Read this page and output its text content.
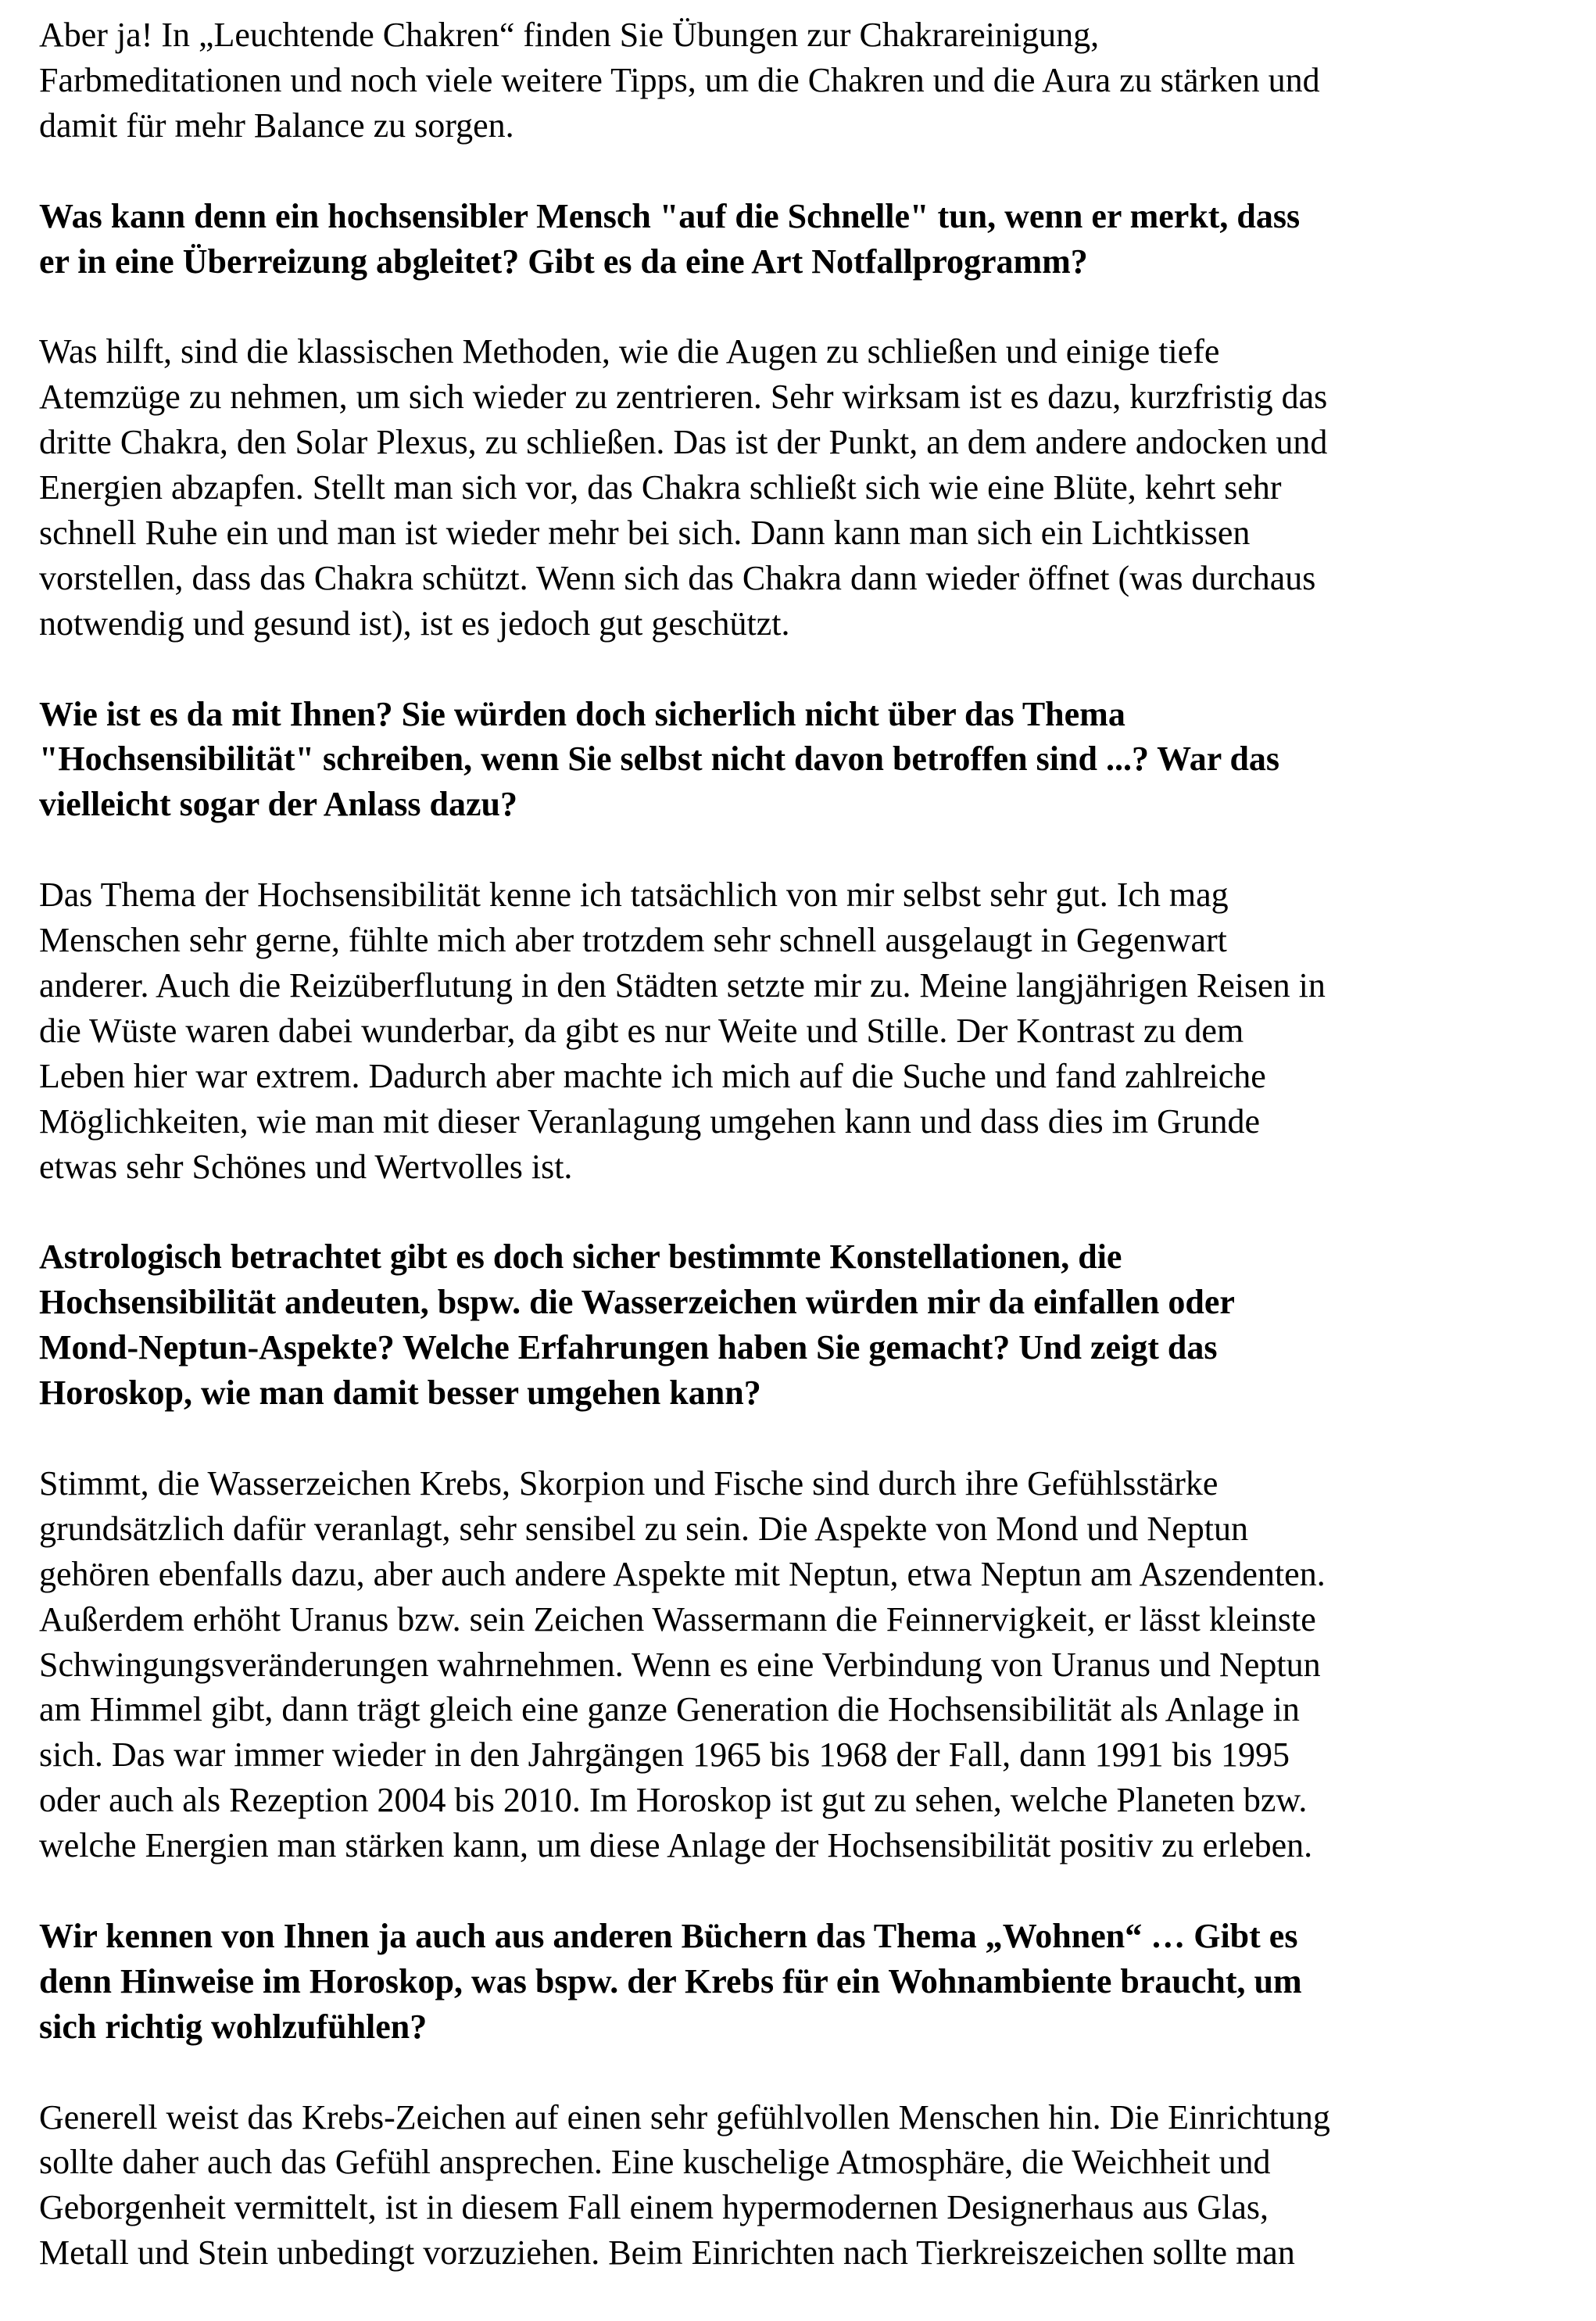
Aber ja! In „Leuchtende Chakren“ finden Sie Übungen zur Chakrareinigung,
Farbmeditationen und noch viele weitere Tipps, um die Chakren und die Aura zu stärken und
damit für mehr Balance zu sorgen.
Was kann denn ein hochsensibler Mensch "auf die Schnelle" tun, wenn er merkt, dass
er in eine Überreizung abgleitet? Gibt es da eine Art Notfallprogramm?
Was hilft, sind die klassischen Methoden, wie die Augen zu schließen und einige tiefe
Atemzüge zu nehmen, um sich wieder zu zentrieren. Sehr wirksam ist es dazu, kurzfristig das
dritte Chakra, den Solar Plexus, zu schließen. Das ist der Punkt, an dem andere andocken und
Energien abzapfen. Stellt man sich vor, das Chakra schließt sich wie eine Blüte, kehrt sehr
schnell Ruhe ein und man ist wieder mehr bei sich. Dann kann man sich ein Lichtkissen
vorstellen, dass das Chakra schützt. Wenn sich das Chakra dann wieder öffnet (was durchaus
notwendig und gesund ist), ist es jedoch gut geschützt.
Wie ist es da mit Ihnen? Sie würden doch sicherlich nicht über das Thema
"Hochsensibilität" schreiben, wenn Sie selbst nicht davon betroffen sind ...? War das
vielleicht sogar der Anlass dazu?
Das Thema der Hochsensibilität kenne ich tatsächlich von mir selbst sehr gut. Ich mag
Menschen sehr gerne, fühlte mich aber trotzdem sehr schnell ausgelaugt in Gegenwart
anderer. Auch die Reizüberflutung in den Städten setzte mir zu. Meine langjährigen Reisen in
die Wüste waren dabei wunderbar, da gibt es nur Weite und Stille. Der Kontrast zu dem
Leben hier war extrem. Dadurch aber machte ich mich auf die Suche und fand zahlreiche
Möglichkeiten, wie man mit dieser Veranlagung umgehen kann und dass dies im Grunde
etwas sehr Schönes und Wertvolles ist.
Astrologisch betrachtet gibt es doch sicher bestimmte Konstellationen, die
Hochsensibilität andeuten, bspw. die Wasserzeichen würden mir da einfallen oder
Mond-Neptun-Aspekte? Welche Erfahrungen haben Sie gemacht? Und zeigt das
Horoskop, wie man damit besser umgehen kann?
Stimmt, die Wasserzeichen Krebs, Skorpion und Fische sind durch ihre Gefühlsstärke
grundsätzlich dafür veranlagt, sehr sensibel zu sein. Die Aspekte von Mond und Neptun
gehören ebenfalls dazu, aber auch andere Aspekte mit Neptun, etwa Neptun am Aszendenten.
Außerdem erhöht Uranus bzw. sein Zeichen Wassermann die Feinnervigkeit, er lässt kleinste
Schwingungsveränderungen wahrnehmen. Wenn es eine Verbindung von Uranus und Neptun
am Himmel gibt, dann trägt gleich eine ganze Generation die Hochsensibilität als Anlage in
sich. Das war immer wieder in den Jahrgängen 1965 bis 1968 der Fall, dann 1991 bis 1995
oder auch als Rezeption 2004 bis 2010. Im Horoskop ist gut zu sehen, welche Planeten bzw.
welche Energien man stärken kann, um diese Anlage der Hochsensibilität positiv zu erleben.
Wir kennen von Ihnen ja auch aus anderen Büchern das Thema „Wohnen“ … Gibt es
denn Hinweise im Horoskop, was bspw. der Krebs für ein Wohnambiente braucht, um
sich richtig wohlzufühlen?
Generell weist das Krebs-Zeichen auf einen sehr gefühlvollen Menschen hin. Die Einrichtung
sollte daher auch das Gefühl ansprechen. Eine kuschelige Atmosphäre, die Weichheit und
Geborgenheit vermittelt, ist in diesem Fall einem hypermodernen Designerhaus aus Glas,
Metall und Stein unbedingt vorzuziehen. Beim Einrichten nach Tierkreiszeichen sollte man
